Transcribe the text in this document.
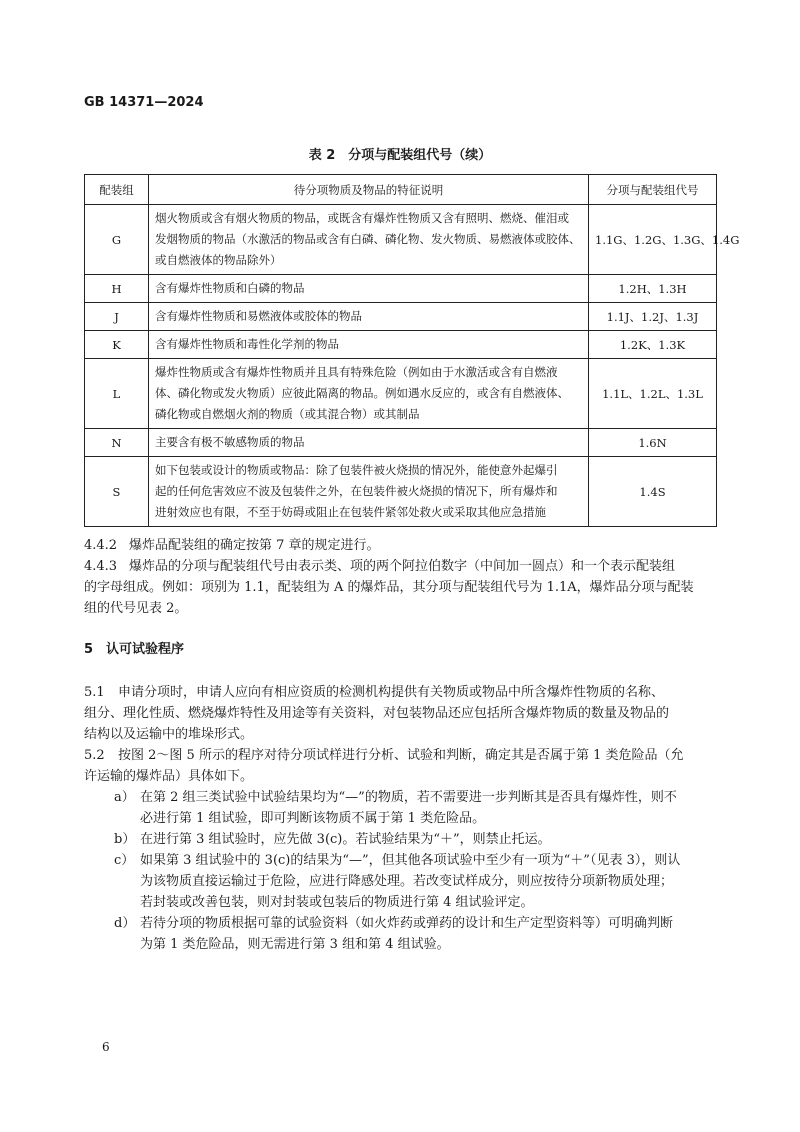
GB 14371—2024
表 2　分项与配装组代号（续）
配装组	待分项物质及物品的特征说明	分项与配装组代号
G	烟火物质或含有烟火物质的物品，或既含有爆炸性物质又含有照明、燃烧、催泪或
发烟物质的物品（水激活的物品或含有白磷、磷化物、发火物质、易燃液体或胶体、
或自燃液体的物品除外）	1.1G、1.2G、1.3G、1.4G
H	含有爆炸性物质和白磷的物品	1.2H、1.3H
J	含有爆炸性物质和易燃液体或胶体的物品	1.1J、1.2J、1.3J
K	含有爆炸性物质和毒性化学剂的物品	1.2K、1.3K
L	爆炸性物质或含有爆炸性物质并且具有特殊危险（例如由于水激活或含有自燃液
体、磷化物或发火物质）应彼此隔离的物品。例如遇水反应的，或含有自燃液体、
磷化物或自燃烟火剂的物质（或其混合物）或其制品	1.1L、1.2L、1.3L
N	主要含有极不敏感物质的物品	1.6N
S	如下包装或设计的物质或物品：除了包装件被火烧损的情况外，能使意外起爆引
起的任何危害效应不波及包装件之外，在包装件被火烧损的情况下，所有爆炸和
进射效应也有限，不至于妨碍或阻止在包装件紧邻处救火或采取其他应急措施	1.4S
4.4.2 爆炸品配装组的确定按第 7 章的规定进行。
4.4.3 爆炸品的分项与配装组代号由表示类、项的两个阿拉伯数字（中间加一圆点）和一个表示配装组
的字母组成。例如：项别为 1.1，配装组为 A 的爆炸品，其分项与配装组代号为 1.1A，爆炸品分项与配装
组的代号见表 2。
5　认可试验程序
5.1 申请分项时，申请人应向有相应资质的检测机构提供有关物质或物品中所含爆炸性物质的名称、
组分、理化性质、燃烧爆炸特性及用途等有关资料，对包装物品还应包括所含爆炸物质的数量及物品的
结构以及运输中的堆垛形式。
5.2 按图 2～图 5 所示的程序对待分项试样进行分析、试验和判断，确定其是否属于第 1 类危险品（允
许运输的爆炸品）具体如下。
a） 在第 2 组三类试验中试验结果均为“—”的物质，若不需要进一步判断其是否具有爆炸性，则不
必进行第 1 组试验，即可判断该物质不属于第 1 类危险品。
b） 在进行第 3 组试验时，应先做 3(c)。若试验结果为“＋”，则禁止托运。
c） 如果第 3 组试验中的 3(c)的结果为“—”，但其他各项试验中至少有一项为“＋”（见表 3），则认
为该物质直接运输过于危险，应进行降感处理。若改变试样成分，则应按待分项新物质处理；
若封装或改善包装，则对封装或包装后的物质进行第 4 组试验评定。
d） 若待分项的物质根据可靠的试验资料（如火炸药或弹药的设计和生产定型资料等）可明确判断
为第 1 类危险品，则无需进行第 3 组和第 4 组试验。
6
